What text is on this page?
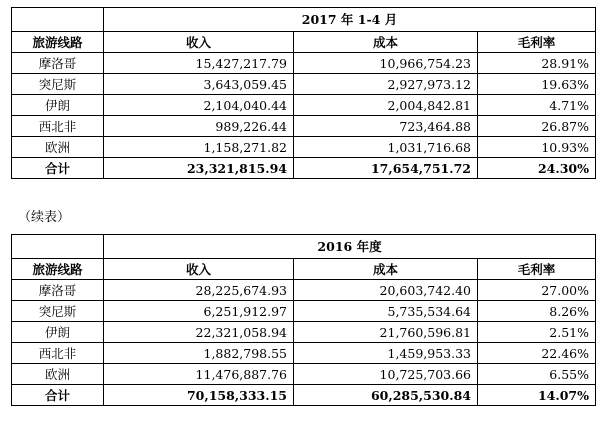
	2017 年 1-4 月		
旅游线路	收入	成本	毛利率
摩洛哥	15,427,217.79	10,966,754.23	28.91%
突尼斯	3,643,059.45	2,927,973.12	19.63%
伊朗	2,104,040.44	2,004,842.81	4.71%
西北非	989,226.44	723,464.88	26.87%
欧洲	1,158,271.82	1,031,716.68	10.93%
合计	23,321,815.94	17,654,751.72	24.30%
（续表）
	2016 年度		
旅游线路	收入	成本	毛利率
摩洛哥	28,225,674.93	20,603,742.40	27.00%
突尼斯	6,251,912.97	5,735,534.64	8.26%
伊朗	22,321,058.94	21,760,596.81	2.51%
西北非	1,882,798.55	1,459,953.33	22.46%
欧洲	11,476,887.76	10,725,703.66	6.55%
合计	70,158,333.15	60,285,530.84	14.07%
